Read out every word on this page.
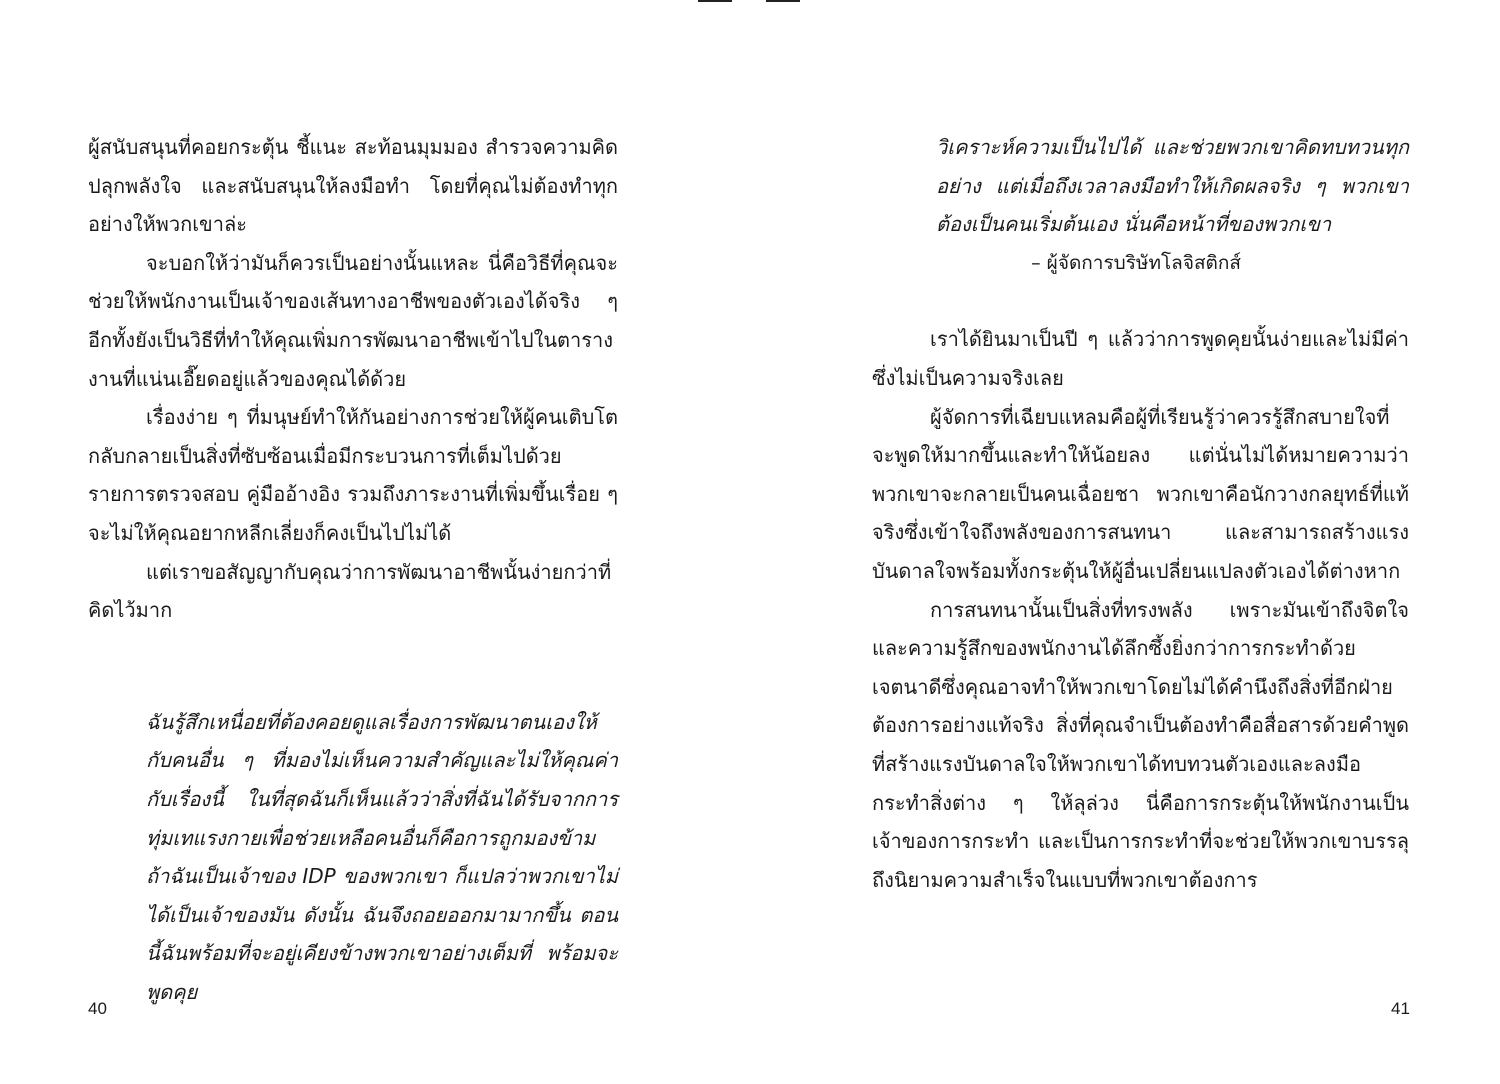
ผู้สนับสนุนที่คอยกระตุ้น ชี้แนะ สะท้อนมุมมอง สำรวจความคิด ปลุกพลังใจ และสนับสนุนให้ลงมือทำ โดยที่คุณไม่ต้องทำทุกอย่างให้พวกเขาล่ะ

จะบอกให้ว่ามันก็ควรเป็นอย่างนั้นแหละ นี่คือวิธีที่คุณจะช่วยให้พนักงานเป็นเจ้าของเส้นทางอาชีพของตัวเองได้จริง ๆ อีกทั้งยังเป็นวิธีที่ทำให้คุณเพิ่มการพัฒนาอาชีพเข้าไปในตารางงานที่แน่นเอี๊ยดอยู่แล้วของคุณได้ด้วย

เรื่องง่าย ๆ ที่มนุษย์ทำให้กันอย่างการช่วยให้ผู้คนเติบโตกลับกลายเป็นสิ่งที่ซับซ้อนเมื่อมีกระบวนการที่เต็มไปด้วยรายการตรวจสอบ คู่มืออ้างอิง รวมถึงภาระงานที่เพิ่มขึ้นเรื่อย ๆ จะไม่ให้คุณอยากหลีกเลี่ยงก็คงเป็นไปไม่ได้

แต่เราขอสัญญากับคุณว่าการพัฒนาอาชีพนั้นง่ายกว่าที่คิดไว้มาก

ฉันรู้สึกเหนื่อยที่ต้องคอยดูแลเรื่องการพัฒนาตนเองให้กับคนอื่น ๆ ที่มองไม่เห็นความสำคัญและไม่ให้คุณค่ากับเรื่องนี้ ในที่สุดฉันก็เห็นแล้วว่าสิ่งที่ฉันได้รับจากการทุ่มเทแรงกายเพื่อช่วยเหลือคนอื่นก็คือการถูกมองข้าม ถ้าฉันเป็นเจ้าของ IDP ของพวกเขา ก็แปลว่าพวกเขาไม่ได้เป็นเจ้าของมัน ดังนั้น ฉันจึงถอยออกมามากขึ้น ตอนนี้ฉันพร้อมที่จะอยู่เคียงข้างพวกเขาอย่างเต็มที่ พร้อมจะพูดคุย

วิเคราะห์ความเป็นไปได้ และช่วยพวกเขาคิดทบทวนทุกอย่าง แต่เมื่อถึงเวลาลงมือทำให้เกิดผลจริง ๆ พวกเขาต้องเป็นคนเริ่มต้นเอง นั่นคือหน้าที่ของพวกเขา

– ผู้จัดการบริษัทโลจิสติกส์

เราได้ยินมาเป็นปี ๆ แล้วว่าการพูดคุยนั้นง่ายและไม่มีค่าซึ่งไม่เป็นความจริงเลย

ผู้จัดการที่เฉียบแหลมคือผู้ที่เรียนรู้ว่าควรรู้สึกสบายใจที่จะพูดให้มากขึ้นและทำให้น้อยลง แต่นั่นไม่ได้หมายความว่าพวกเขาจะกลายเป็นคนเฉื่อยชา พวกเขาคือนักวางกลยุทธ์ที่แท้จริงซึ่งเข้าใจถึงพลังของการสนทนา และสามารถสร้างแรงบันดาลใจพร้อมทั้งกระตุ้นให้ผู้อื่นเปลี่ยนแปลงตัวเองได้ต่างหาก

การสนทนานั้นเป็นสิ่งที่ทรงพลัง เพราะมันเข้าถึงจิตใจและความรู้สึกของพนักงานได้ลึกซึ้งยิ่งกว่าการกระทำด้วยเจตนาดีซึ่งคุณอาจทำให้พวกเขาโดยไม่ได้คำนึงถึงสิ่งที่อีกฝ่ายต้องการอย่างแท้จริง สิ่งที่คุณจำเป็นต้องทำคือสื่อสารด้วยคำพูดที่สร้างแรงบันดาลใจให้พวกเขาได้ทบทวนตัวเองและลงมือกระทำสิ่งต่าง ๆ ให้ลุล่วง นี่คือการกระตุ้นให้พนักงานเป็นเจ้าของการกระทำ และเป็นการกระทำที่จะช่วยให้พวกเขาบรรลุถึงนิยามความสำเร็จในแบบที่พวกเขาต้องการ

40	41
